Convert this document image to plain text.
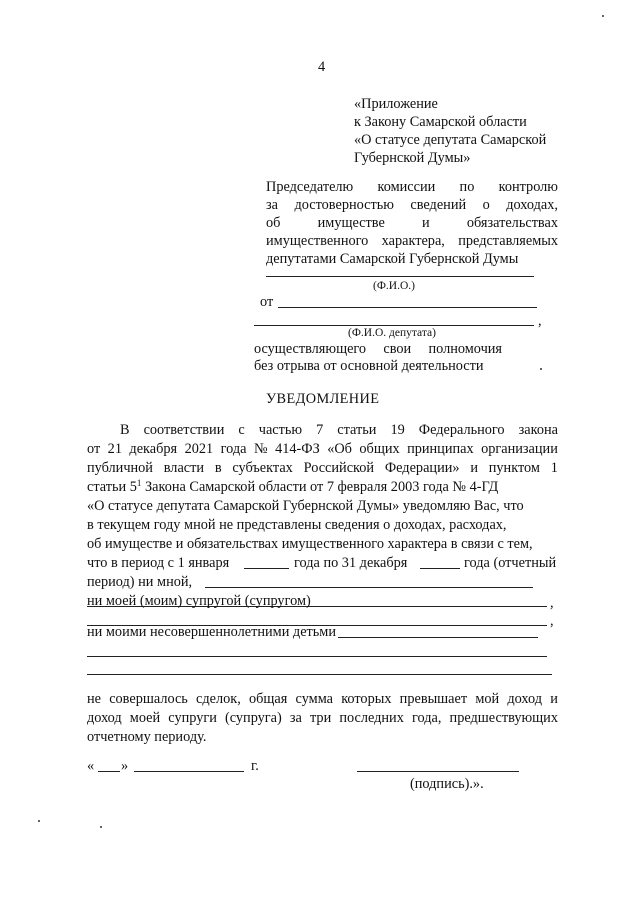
4
«Приложение
к Закону Самарской области
«О статусе депутата Самарской
Губернской Думы»
Председателю комиссии по контролю
за достоверностью сведений о доходах,
об	имуществе	и	обязательствах
имущественного характера, представляемых
депутатами Самарской Губернской Думы
(Ф.И.О.)
от
,
(Ф.И.О. депутата)
осуществляющего свои полномочия
без отрыва от основной деятельности
УВЕДОМЛЕНИЕ
В соответствии с частью 7 статьи 19 Федерального закона
от 21 декабря 2021 года № 414-ФЗ «Об общих принципах организации
публичной власти в субъектах Российской Федерации» и пунктом 1
статьи $5^1$ Закона Самарской области от 7 февраля 2003 года № 4-ГД
«О статусе депутата Самарской Губернской Думы» уведомляю Вас, что
в текущем году мной не представлены сведения о доходах, расходах,
об имуществе и обязательствах имущественного характера в связи с тем,
что в период с 1 января	года по 31 декабря	года (отчетный
период) ни мной,
,
ни моей (моим) супругой (супругом)
,
ни моими несовершеннолетними детьми
не совершалось сделок, общая сумма которых превышает мой доход и
доход моей супруги (супруга) за три последних года, предшествующих
отчетному периоду.
« »	г.
(подпись).».
